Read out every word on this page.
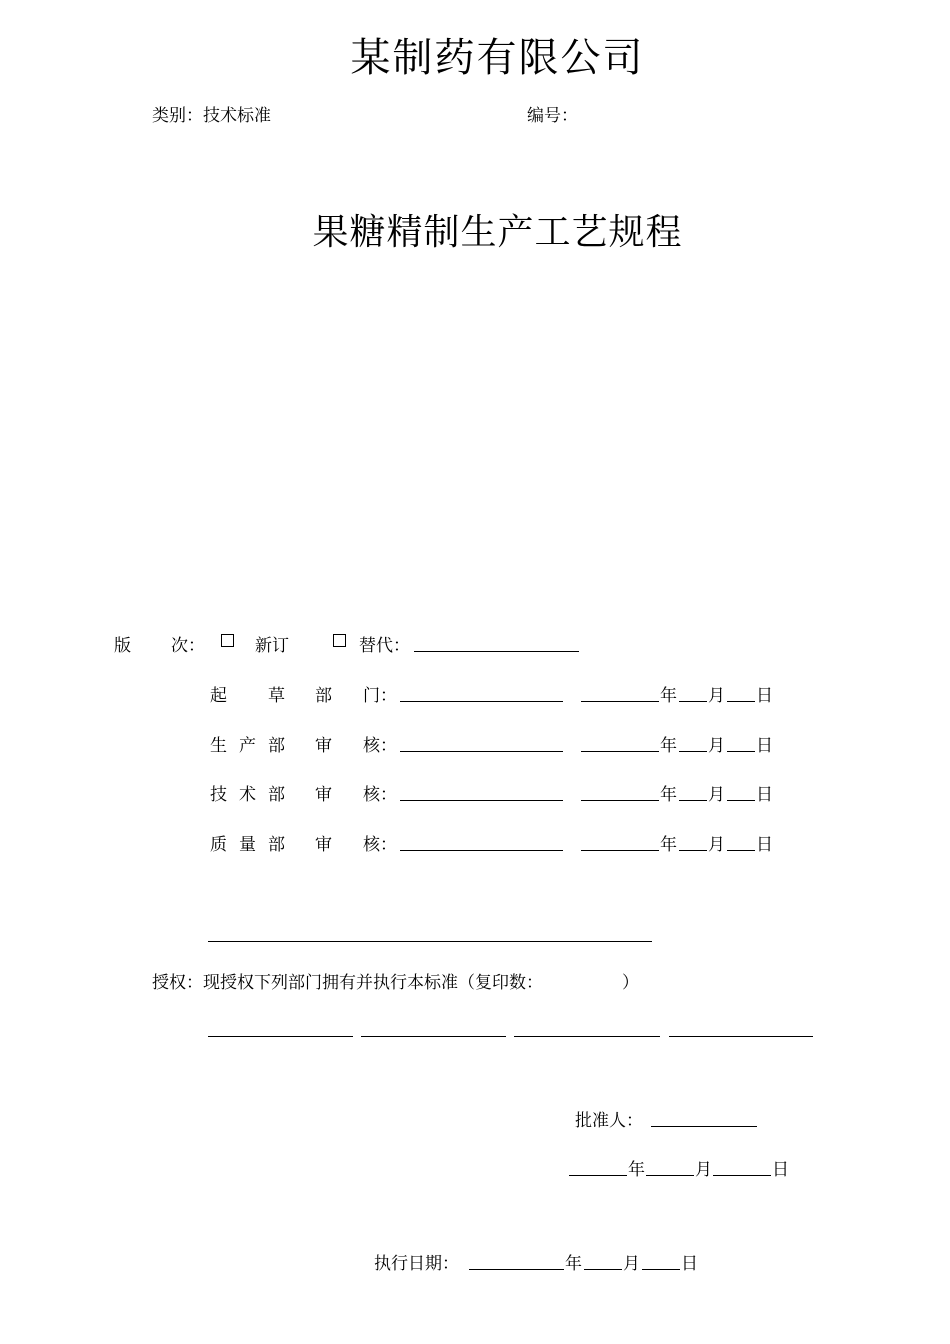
某制药有限公司
类别：技术标准	编号：
果糖精制生产工艺规程
版 次：	新订	替代：
起 草 部 门：	年 月 日
生 产 部 审 核：	年 月 日
技 术 部 审 核：	年 月 日
质 量 部 审 核：	年 月 日
授权：现授权下列部门拥有并执行本标准（复印数：	）
批准人：
年	月	日
执行日期：	年 月 日
